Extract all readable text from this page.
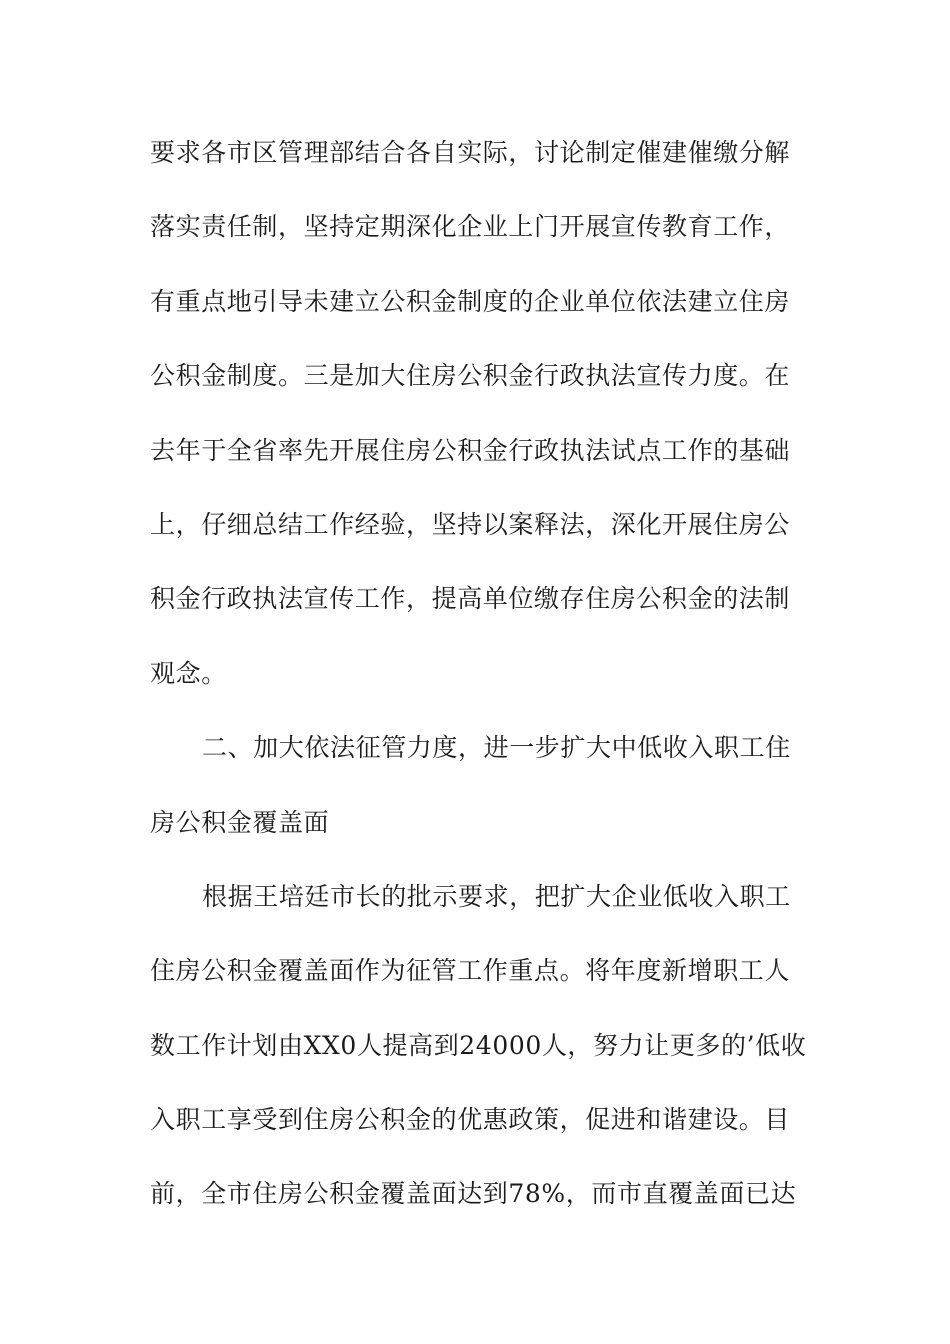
要求各市区管理部结合各自实际，讨论制定催建催缴分解
落实责任制，坚持定期深化企业上门开展宣传教育工作，
有重点地引导未建立公积金制度的企业单位依法建立住房
公积金制度。三是加大住房公积金行政执法宣传力度。在
去年于全省率先开展住房公积金行政执法试点工作的基础
上，仔细总结工作经验，坚持以案释法，深化开展住房公
积金行政执法宣传工作，提高单位缴存住房公积金的法制
观念。
二、加大依法征管力度，进一步扩大中低收入职工住
房公积金覆盖面
根据王培廷市长的批示要求，把扩大企业低收入职工
住房公积金覆盖面作为征管工作重点。将年度新增职工人
数工作计划由XX0人提高到24000人，努力让更多的’低收
入职工享受到住房公积金的优惠政策，促进和谐建设。目
前，全市住房公积金覆盖面达到78%，而市直覆盖面已达
